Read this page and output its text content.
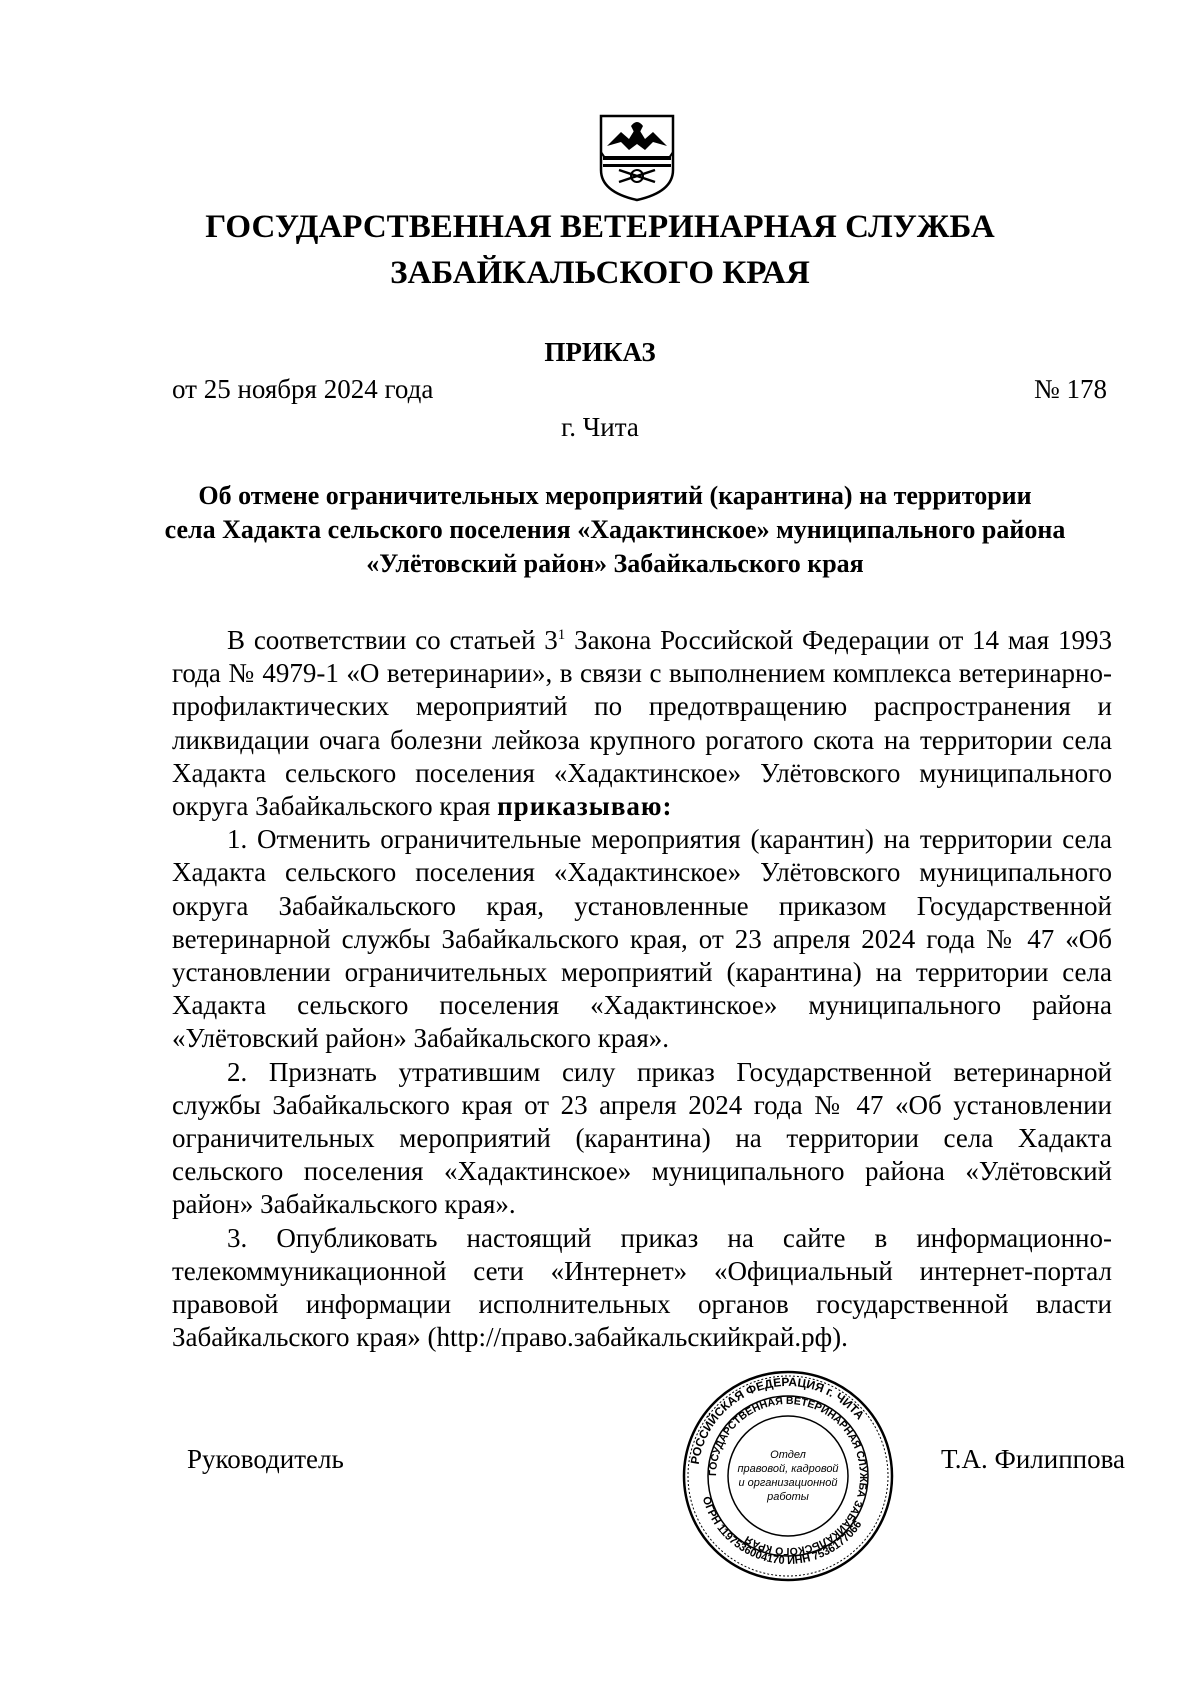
ГОСУДАРСТВЕННАЯ ВЕТЕРИНАРНАЯ СЛУЖБА
ЗАБАЙКАЛЬСКОГО КРАЯ
ПРИКАЗ
от 25 ноября 2024 года	№ 178
г. Чита
Об отмене ограничительных мероприятий (карантина) на территории
села Хадакта сельского поселения «Хадактинское» муниципального района
«Улётовский район» Забайкальского края

В соответствии со статьей $3^1$ Закона Российской Федерации от 14 мая 1993 года № 4979-1 «О ветеринарии», в связи с выполнением комплекса ветеринарно-профилактических мероприятий по предотвращению распространения и ликвидации очага болезни лейкоза крупного рогатого скота на территории села Хадакта сельского поселения «Хадактинское» Улётовского муниципального округа Забайкальского края приказываю:

1. Отменить ограничительные мероприятия (карантин) на территории села Хадакта сельского поселения «Хадактинское» Улётовского муниципального округа Забайкальского края, установленные приказом Государственной ветеринарной службы Забайкальского края, от 23 апреля 2024 года № 47 «Об установлении ограничительных мероприятий (карантина) на территории села Хадакта сельского поселения «Хадактинское» муниципального района «Улётовский район» Забайкальского края».

2. Признать утратившим силу приказ Государственной ветеринарной службы Забайкальского края от 23 апреля 2024 года № 47 «Об установлении ограничительных мероприятий (карантина) на территории села Хадакта сельского поселения «Хадактинское» муниципального района «Улётовский район» Забайкальского края».

3. Опубликовать настоящий приказ на сайте в информационно-телекоммуникационной сети «Интернет» «Официальный интернет-портал правовой информации исполнительных органов государственной власти Забайкальского края» (http://право.забайкальскийкрай.рф).

Руководитель	Т.А. Филиппова
РОССИЙСКАЯ ФЕДЕРАЦИЯ г. ЧИТА
ГОСУДАРСТВЕННАЯ ВЕТЕРИНАРНАЯ СЛУЖБА ЗАБАЙКАЛЬСКОГО КРАЯ
ОГРН 1197536004170 ИНН 7536177066
Отдел
правовой, кадровой
и организационной
работы
